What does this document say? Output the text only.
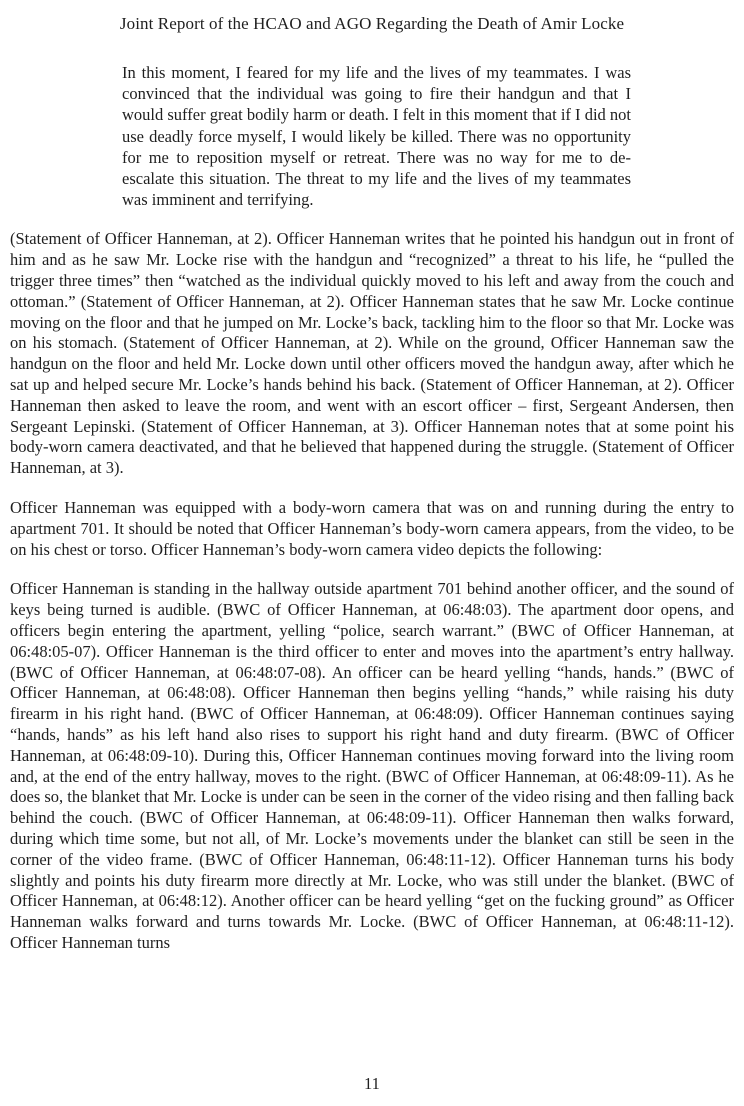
Joint Report of the HCAO and AGO Regarding the Death of Amir Locke
In this moment, I feared for my life and the lives of my teammates. I was convinced that the individual was going to fire their handgun and that I would suffer great bodily harm or death. I felt in this moment that if I did not use deadly force myself, I would likely be killed. There was no opportunity for me to reposition myself or retreat. There was no way for me to de-escalate this situation. The threat to my life and the lives of my teammates was imminent and terrifying.

(Statement of Officer Hanneman, at 2). Officer Hanneman writes that he pointed his handgun out in front of him and as he saw Mr. Locke rise with the handgun and “recognized” a threat to his life, he “pulled the trigger three times” then “watched as the individual quickly moved to his left and away from the couch and ottoman.” (Statement of Officer Hanneman, at 2). Officer Hanneman states that he saw Mr. Locke continue moving on the floor and that he jumped on Mr. Locke’s back, tackling him to the floor so that Mr. Locke was on his stomach. (Statement of Officer Hanneman, at 2). While on the ground, Officer Hanneman saw the handgun on the floor and held Mr. Locke down until other officers moved the handgun away, after which he sat up and helped secure Mr. Locke’s hands behind his back. (Statement of Officer Hanneman, at 2). Officer Hanneman then asked to leave the room, and went with an escort officer – first, Sergeant Andersen, then Sergeant Lepinski. (Statement of Officer Hanneman, at 3). Officer Hanneman notes that at some point his body-worn camera deactivated, and that he believed that happened during the struggle. (Statement of Officer Hanneman, at 3).

Officer Hanneman was equipped with a body-worn camera that was on and running during the entry to apartment 701. It should be noted that Officer Hanneman’s body-worn camera appears, from the video, to be on his chest or torso. Officer Hanneman’s body-worn camera video depicts the following:

Officer Hanneman is standing in the hallway outside apartment 701 behind another officer, and the sound of keys being turned is audible. (BWC of Officer Hanneman, at 06:48:03). The apartment door opens, and officers begin entering the apartment, yelling “police, search warrant.” (BWC of Officer Hanneman, at 06:48:05-07). Officer Hanneman is the third officer to enter and moves into the apartment’s entry hallway. (BWC of Officer Hanneman, at 06:48:07-08). An officer can be heard yelling “hands, hands.” (BWC of Officer Hanneman, at 06:48:08). Officer Hanneman then begins yelling “hands,” while raising his duty firearm in his right hand. (BWC of Officer Hanneman, at 06:48:09). Officer Hanneman continues saying “hands, hands” as his left hand also rises to support his right hand and duty firearm. (BWC of Officer Hanneman, at 06:48:09-10). During this, Officer Hanneman continues moving forward into the living room and, at the end of the entry hallway, moves to the right. (BWC of Officer Hanneman, at 06:48:09-11). As he does so, the blanket that Mr. Locke is under can be seen in the corner of the video rising and then falling back behind the couch. (BWC of Officer Hanneman, at 06:48:09-11). Officer Hanneman then walks forward, during which time some, but not all, of Mr. Locke’s movements under the blanket can still be seen in the corner of the video frame. (BWC of Officer Hanneman, 06:48:11-12). Officer Hanneman turns his body slightly and points his duty firearm more directly at Mr. Locke, who was still under the blanket. (BWC of Officer Hanneman, at 06:48:12). Another officer can be heard yelling “get on the fucking ground” as Officer Hanneman walks forward and turns towards Mr. Locke. (BWC of Officer Hanneman, at 06:48:11-12). Officer Hanneman turns

11
